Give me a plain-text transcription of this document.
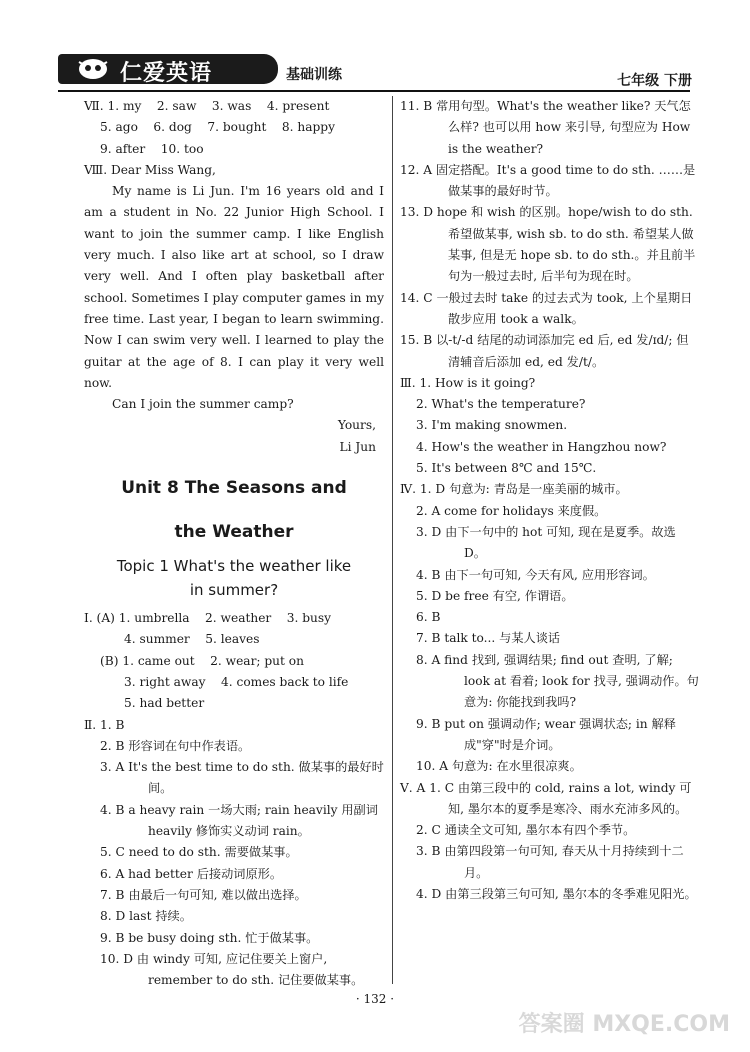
仁爱英语	基础训练	七年级 下册
Ⅶ. 1. my    2. saw    3. was    4. present
5. ago    6. dog    7. bought    8. happy
9. after    10. too
Ⅷ. Dear Miss Wang,
My name is Li Jun. I'm 16 years old and I am a student in No. 22 Junior High School. I want to join the summer camp. I like English very much. I also like art at school, so I draw very well. And I often play basketball after school. Sometimes I play computer games in my free time. Last year, I began to learn swimming. Now I can swim very well. I learned to play the guitar at the age of 8. I can play it very well now.
Can I join the summer camp?
Yours,
Li Jun
Unit 8 The Seasons and
the Weather
Topic 1 What's the weather like
in summer?
Ⅰ. (A) 1. umbrella    2. weather    3. busy
4. summer    5. leaves
(B) 1. came out    2. wear; put on
3. right away    4. comes back to life
5. had better
Ⅱ. 1. B
2. B 形容词在句中作表语。
3. A It's the best time to do sth. 做某事的最好时间。
4. B a heavy rain 一场大雨; rain heavily 用副词 heavily 修饰实义动词 rain。
5. C need to do sth. 需要做某事。
6. A had better 后接动词原形。
7. B 由最后一句可知, 难以做出选择。
8. D last 持续。
9. B be busy doing sth. 忙于做某事。
10. D 由 windy 可知, 应记住要关上窗户, remember to do sth. 记住要做某事。
11. B 常用句型。What's the weather like? 天气怎么样? 也可以用 how 来引导, 句型应为 How is the weather?
12. A 固定搭配。It's a good time to do sth. ……是做某事的最好时节。
13. D hope 和 wish 的区别。hope/wish to do sth. 希望做某事, wish sb. to do sth. 希望某人做某事, 但是无 hope sb. to do sth.。并且前半句为一般过去时, 后半句为现在时。
14. C 一般过去时 take 的过去式为 took, 上个星期日散步应用 took a walk。
15. B 以-t/-d 结尾的动词添加完 ed 后, ed 发/ɪd/; 但清辅音后添加 ed, ed 发/t/。
Ⅲ. 1. How is it going?
2. What's the temperature?
3. I'm making snowmen.
4. How's the weather in Hangzhou now?
5. It's between 8℃ and 15℃.
Ⅳ. 1. D 句意为: 青岛是一座美丽的城市。
2. A come for holidays 来度假。
3. D 由下一句中的 hot 可知, 现在是夏季。故选 D。
4. B 由下一句可知, 今天有风, 应用形容词。
5. D be free 有空, 作谓语。
6. B
7. B talk to... 与某人谈话
8. A find 找到, 强调结果; find out 查明, 了解; look at 看着; look for 找寻, 强调动作。句意为: 你能找到我吗?
9. B put on 强调动作; wear 强调状态; in 解释成"穿"时是介词。
10. A 句意为: 在水里很凉爽。
Ⅴ. A 1. C 由第三段中的 cold, rains a lot, windy 可知, 墨尔本的夏季是寒冷、雨水充沛多风的。
2. C 通读全文可知, 墨尔本有四个季节。
3. B 由第四段第一句可知, 春天从十月持续到十二月。
4. D 由第三段第三句可知, 墨尔本的冬季难见阳光。
· 132 ·
答案圈 MXQE.COM
